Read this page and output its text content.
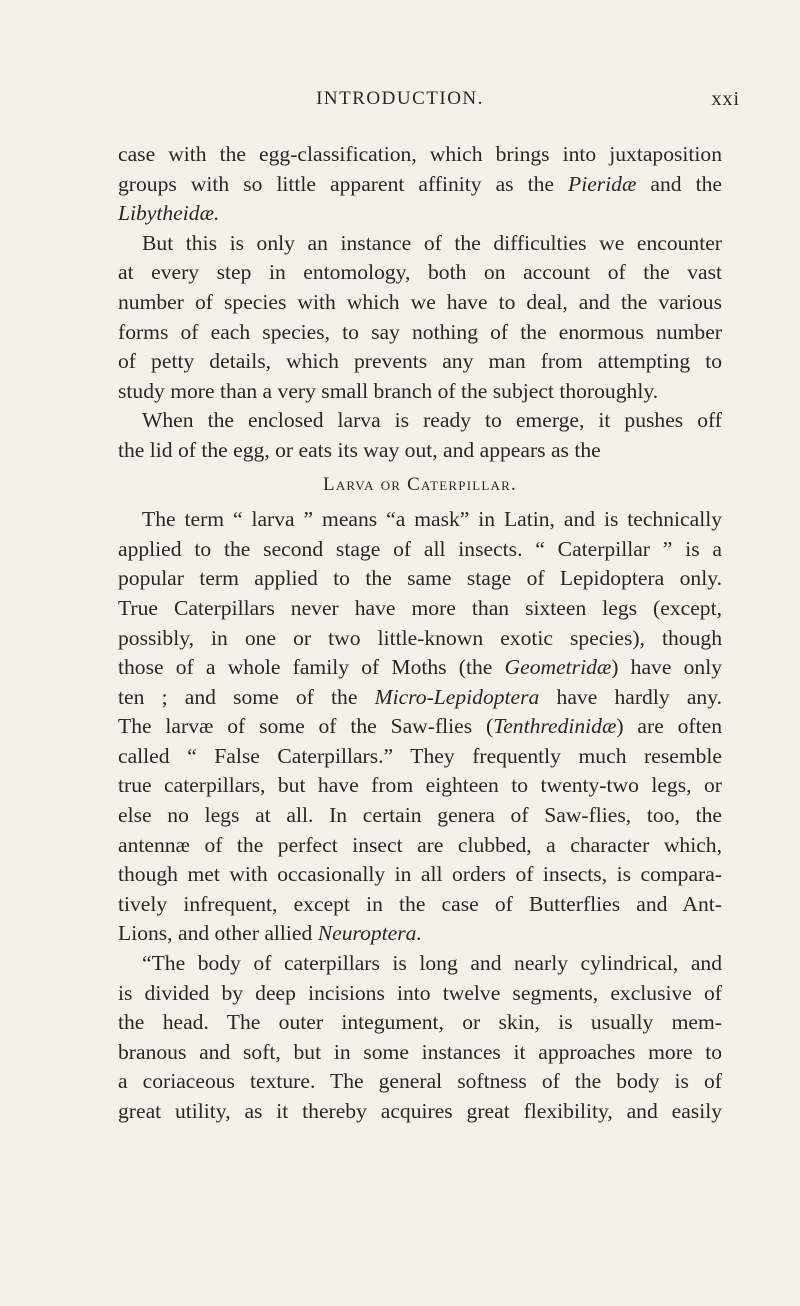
INTRODUCTION.	xxi
case with the egg-classification, which brings into juxtaposition
groups with so little apparent affinity as the Pieridæ and the
Libytheidæ.
But this is only an instance of the difficulties we encounter
at every step in entomology, both on account of the vast
number of species with which we have to deal, and the various
forms of each species, to say nothing of the enormous number
of petty details, which prevents any man from attempting to
study more than a very small branch of the subject thoroughly.
When the enclosed larva is ready to emerge, it pushes off
the lid of the egg, or eats its way out, and appears as the
Larva or Caterpillar.
The term “ larva ” means “a mask” in Latin, and is technically
applied to the second stage of all insects. “ Caterpillar ” is a
popular term applied to the same stage of Lepidoptera only.
True Caterpillars never have more than sixteen legs (except,
possibly, in one or two little-known exotic species), though
those of a whole family of Moths (the Geometridæ) have only
ten ; and some of the Micro-Lepidoptera have hardly any.
The larvæ of some of the Saw-flies (Tenthredinidæ) are often
called “ False Caterpillars.” They frequently much resemble
true caterpillars, but have from eighteen to twenty-two legs, or
else no legs at all. In certain genera of Saw-flies, too, the
antennæ of the perfect insect are clubbed, a character which,
though met with occasionally in all orders of insects, is compara-
tively infrequent, except in the case of Butterflies and Ant-
Lions, and other allied Neuroptera.
“The body of caterpillars is long and nearly cylindrical, and
is divided by deep incisions into twelve segments, exclusive of
the head. The outer integument, or skin, is usually mem-
branous and soft, but in some instances it approaches more to
a coriaceous texture. The general softness of the body is of
great utility, as it thereby acquires great flexibility, and easily
